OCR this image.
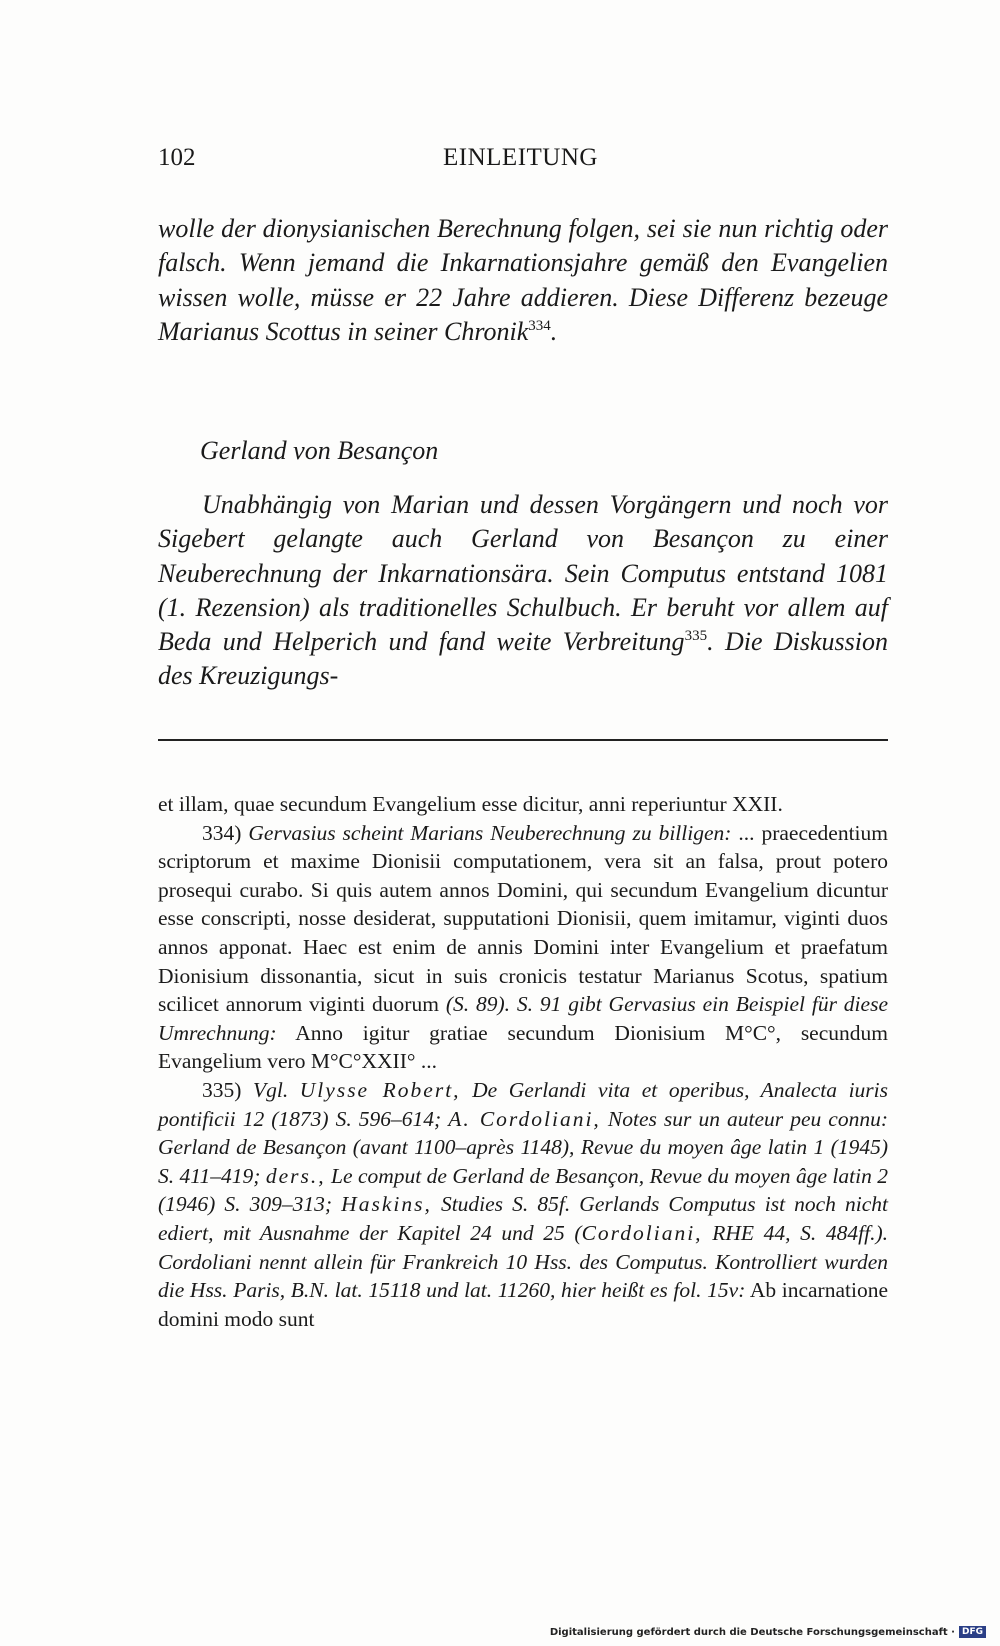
102	EINLEITUNG

wolle der dionysianischen Berechnung folgen, sei sie nun richtig oder falsch. Wenn jemand die Inkarnationsjahre gemäß den Evangelien wissen wolle, müsse er 22 Jahre addieren. Diese Differenz bezeuge Marianus Scottus in seiner Chronik$^{334}$.

Gerland von Besançon

Unabhängig von Marian und dessen Vorgängern und noch vor Sigebert gelangte auch Gerland von Besançon zu einer Neuberechnung der Inkarnationsära. Sein Computus entstand 1081 (1. Rezension) als traditionelles Schulbuch. Er beruht vor allem auf Beda und Helperich und fand weite Verbreitung$^{335}$. Die Diskussion des Kreuzigungs-

et illam, quae secundum Evangelium esse dicitur, anni reperiuntur XXII.

334) Gervasius scheint Marians Neuberechnung zu billigen: ... praecedentium scriptorum et maxime Dionisii computationem, vera sit an falsa, prout potero prosequi curabo. Si quis autem annos Domini, qui secundum Evangelium dicuntur esse conscripti, nosse desiderat, supputationi Dionisii, quem imitamur, viginti duos annos apponat. Haec est enim de annis Domini inter Evangelium et praefatum Dionisium dissonantia, sicut in suis cronicis testatur Marianus Scotus, spatium scilicet annorum viginti duorum (S. 89). S. 91 gibt Gervasius ein Beispiel für diese Umrechnung: Anno igitur gratiae secundum Dionisium M°C°, secundum Evangelium vero M°C°XXII° ...

335) Vgl. Ulysse Robert, De Gerlandi vita et operibus, Analecta iuris pontificii 12 (1873) S. 596–614; A. Cordoliani, Notes sur un auteur peu connu: Gerland de Besançon (avant 1100–après 1148), Revue du moyen âge latin 1 (1945) S. 411–419; ders., Le comput de Gerland de Besançon, Revue du moyen âge latin 2 (1946) S. 309–313; Haskins, Studies S. 85f. Gerlands Computus ist noch nicht ediert, mit Ausnahme der Kapitel 24 und 25 (Cordoliani, RHE 44, S. 484ff.). Cordoliani nennt allein für Frankreich 10 Hss. des Computus. Kontrolliert wurden die Hss. Paris, B.N. lat. 15118 und lat. 11260, hier heißt es fol. 15v: Ab incarnatione domini modo sunt

Digitalisierung gefördert durch die Deutsche Forschungsgemeinschaft · DFG
